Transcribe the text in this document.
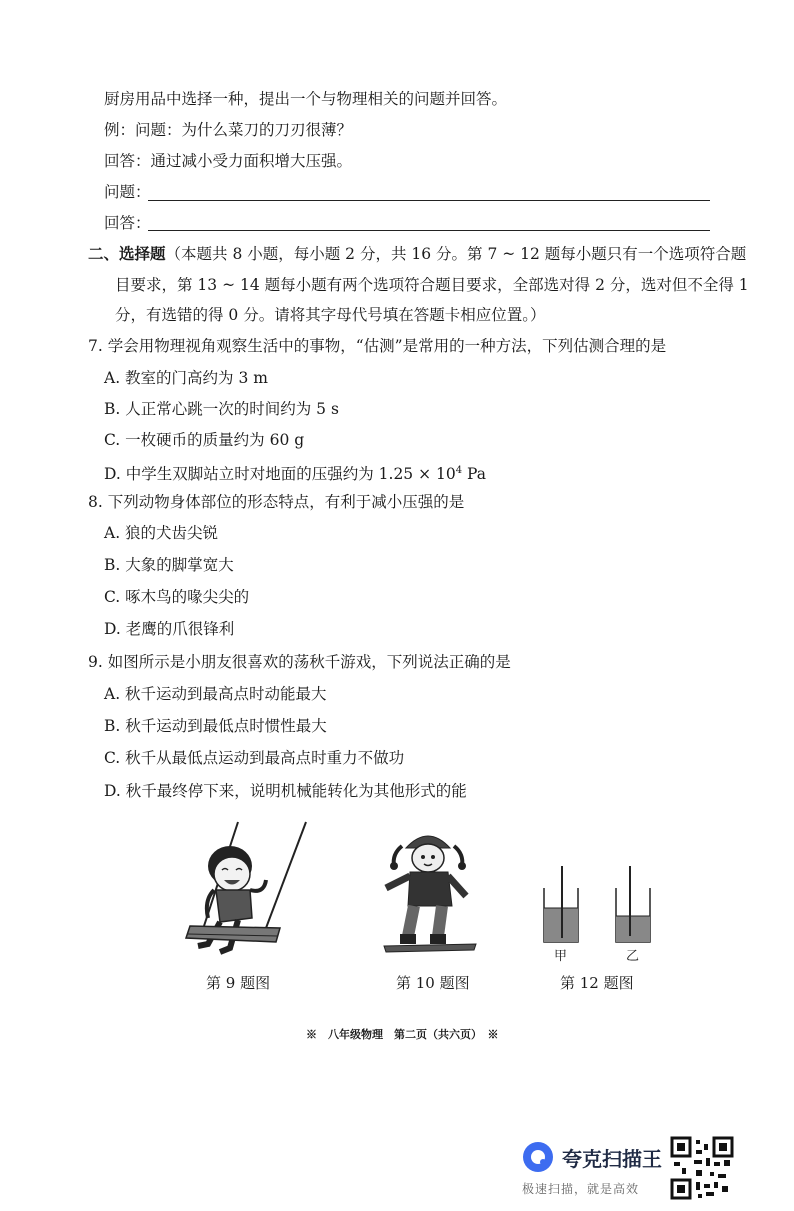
厨房用品中选择一种，提出一个与物理相关的问题并回答。
例：问题：为什么菜刀的刀刃很薄？
回答：通过减小受力面积增大压强。
问题：
回答：
二、选择题（本题共 8 小题，每小题 2 分，共 16 分。第 7 ~ 12 题每小题只有一个选项符合题
目要求，第 13 ~ 14 题每小题有两个选项符合题目要求，全部选对得 2 分，选对但不全得 1
分，有选错的得 0 分。请将其字母代号填在答题卡相应位置。）
7. 学会用物理视角观察生活中的事物，“估测”是常用的一种方法，下列估测合理的是
A. 教室的门高约为 3 m
B. 人正常心跳一次的时间约为 5 s
C. 一枚硬币的质量约为 60 g
D. 中学生双脚站立时对地面的压强约为 $1.25 \times 10^4$ Pa
8. 下列动物身体部位的形态特点，有利于减小压强的是
A. 狼的犬齿尖锐
B. 大象的脚掌宽大
C. 啄木鸟的喙尖尖的
D. 老鹰的爪很锋利
9. 如图所示是小朋友很喜欢的荡秋千游戏，下列说法正确的是
A. 秋千运动到最高点时动能最大
B. 秋千运动到最低点时惯性最大
C. 秋千从最低点运动到最高点时重力不做功
D. 秋千最终停下来，说明机械能转化为其他形式的能
第 9 题图	第 10 题图
甲	乙
第 12 题图
※　八年级物理　第二页（共六页）　※
夸克扫描王
极速扫描，就是高效
